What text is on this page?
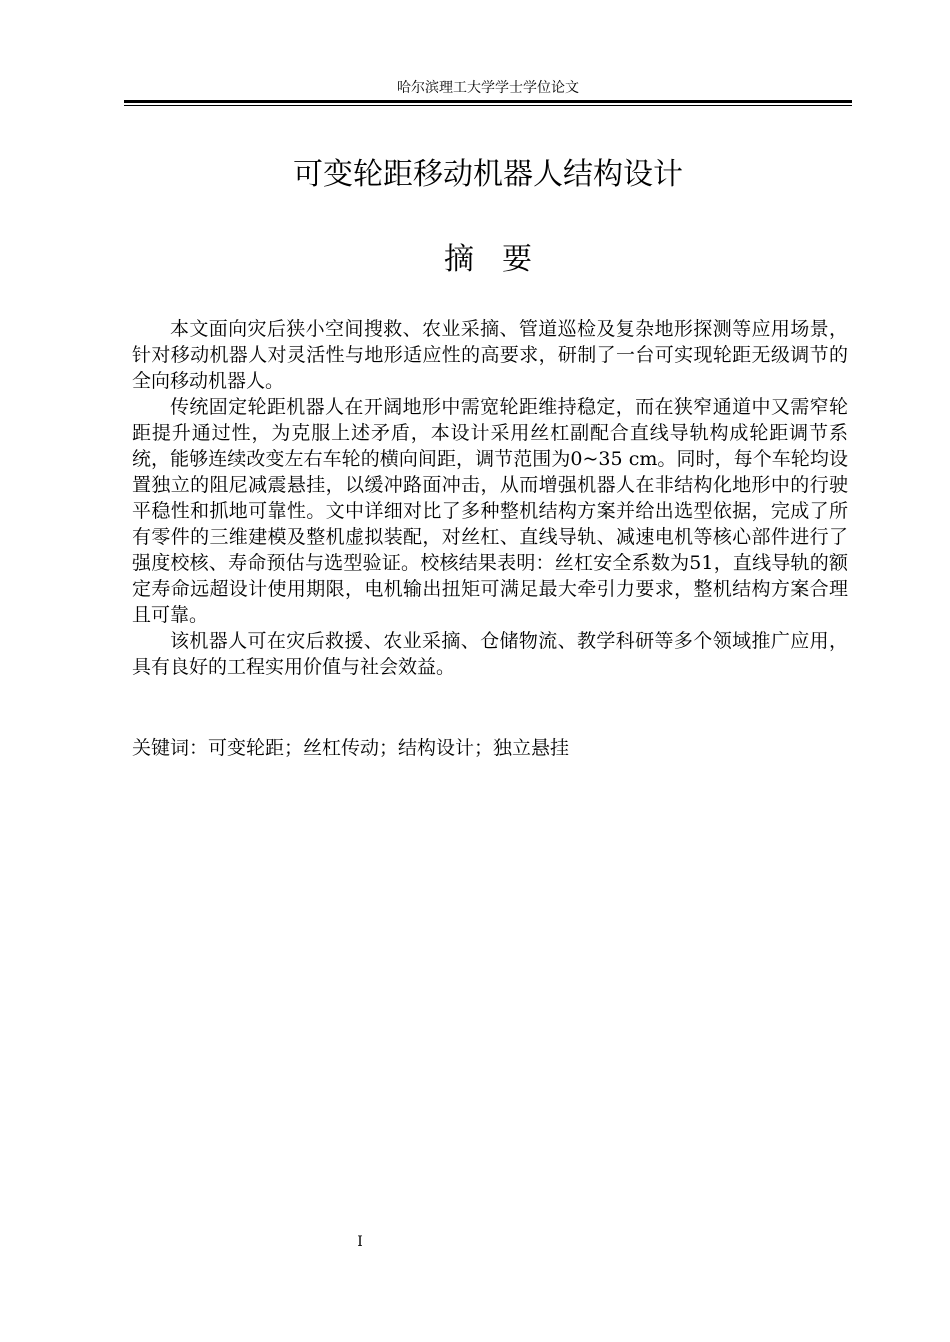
哈尔滨理工大学学士学位论文
可变轮距移动机器人结构设计
摘要

本文面向灾后狭小空间搜救、农业采摘、管道巡检及复杂地形探测等应用场景，针对移动机器人对灵活性与地形适应性的高要求，研制了一台可实现轮距无级调节的全向移动机器人。

传统固定轮距机器人在开阔地形中需宽轮距维持稳定，而在狭窄通道中又需窄轮距提升通过性，为克服上述矛盾，本设计采用丝杠副配合直线导轨构成轮距调节系统，能够连续改变左右车轮的横向间距，调节范围为0~35 cm。同时，每个车轮均设置独立的阻尼减震悬挂，以缓冲路面冲击，从而增强机器人在非结构化地形中的行驶平稳性和抓地可靠性。文中详细对比了多种整机结构方案并给出选型依据，完成了所有零件的三维建模及整机虚拟装配，对丝杠、直线导轨、减速电机等核心部件进行了强度校核、寿命预估与选型验证。校核结果表明：丝杠安全系数为51，直线导轨的额定寿命远超设计使用期限，电机输出扭矩可满足最大牵引力要求，整机结构方案合理且可靠。

该机器人可在灾后救援、农业采摘、仓储物流、教学科研等多个领域推广应用，具有良好的工程实用价值与社会效益。

关键词：可变轮距；丝杠传动；结构设计；独立悬挂
I
